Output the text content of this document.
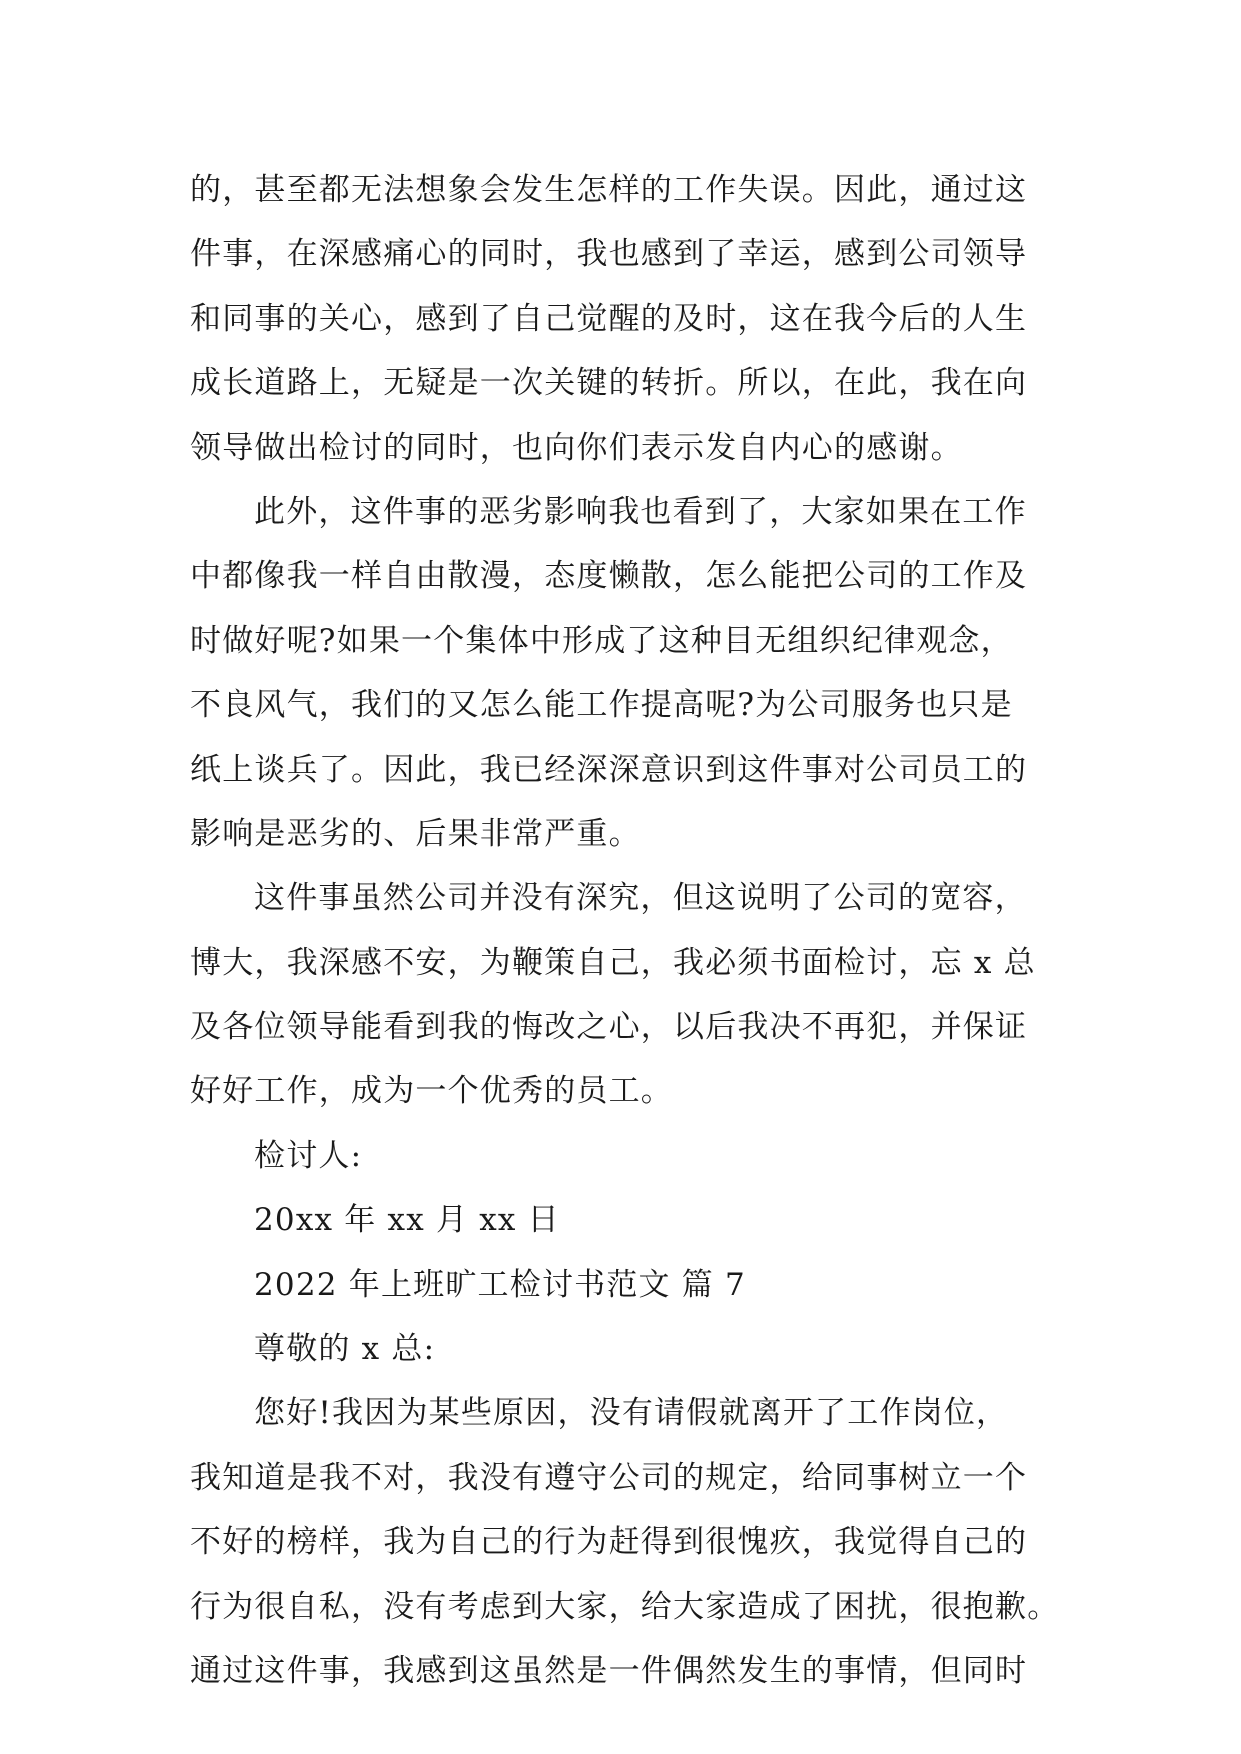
的，甚至都无法想象会发生怎样的工作失误。因此，通过这
件事，在深感痛心的同时，我也感到了幸运，感到公司领导
和同事的关心，感到了自己觉醒的及时，这在我今后的人生
成长道路上，无疑是一次关键的转折。所以，在此，我在向
领导做出检讨的同时，也向你们表示发自内心的感谢。
此外，这件事的恶劣影响我也看到了，大家如果在工作
中都像我一样自由散漫，态度懒散，怎么能把公司的工作及
时做好呢?如果一个集体中形成了这种目无组织纪律观念，
不良风气，我们的又怎么能工作提高呢?为公司服务也只是
纸上谈兵了。因此，我已经深深意识到这件事对公司员工的
影响是恶劣的、后果非常严重。
这件事虽然公司并没有深究，但这说明了公司的宽容，
博大，我深感不安，为鞭策自己，我必须书面检讨，忘 x 总
及各位领导能看到我的悔改之心，以后我决不再犯，并保证
好好工作，成为一个优秀的员工。
检讨人:
20xx 年 xx 月 xx 日
2022 年上班旷工检讨书范文 篇 7
尊敬的 x 总:
您好!我因为某些原因，没有请假就离开了工作岗位，
我知道是我不对，我没有遵守公司的规定，给同事树立一个
不好的榜样，我为自己的行为赶得到很愧疚，我觉得自己的
行为很自私，没有考虑到大家，给大家造成了困扰，很抱歉。
通过这件事，我感到这虽然是一件偶然发生的事情，但同时
